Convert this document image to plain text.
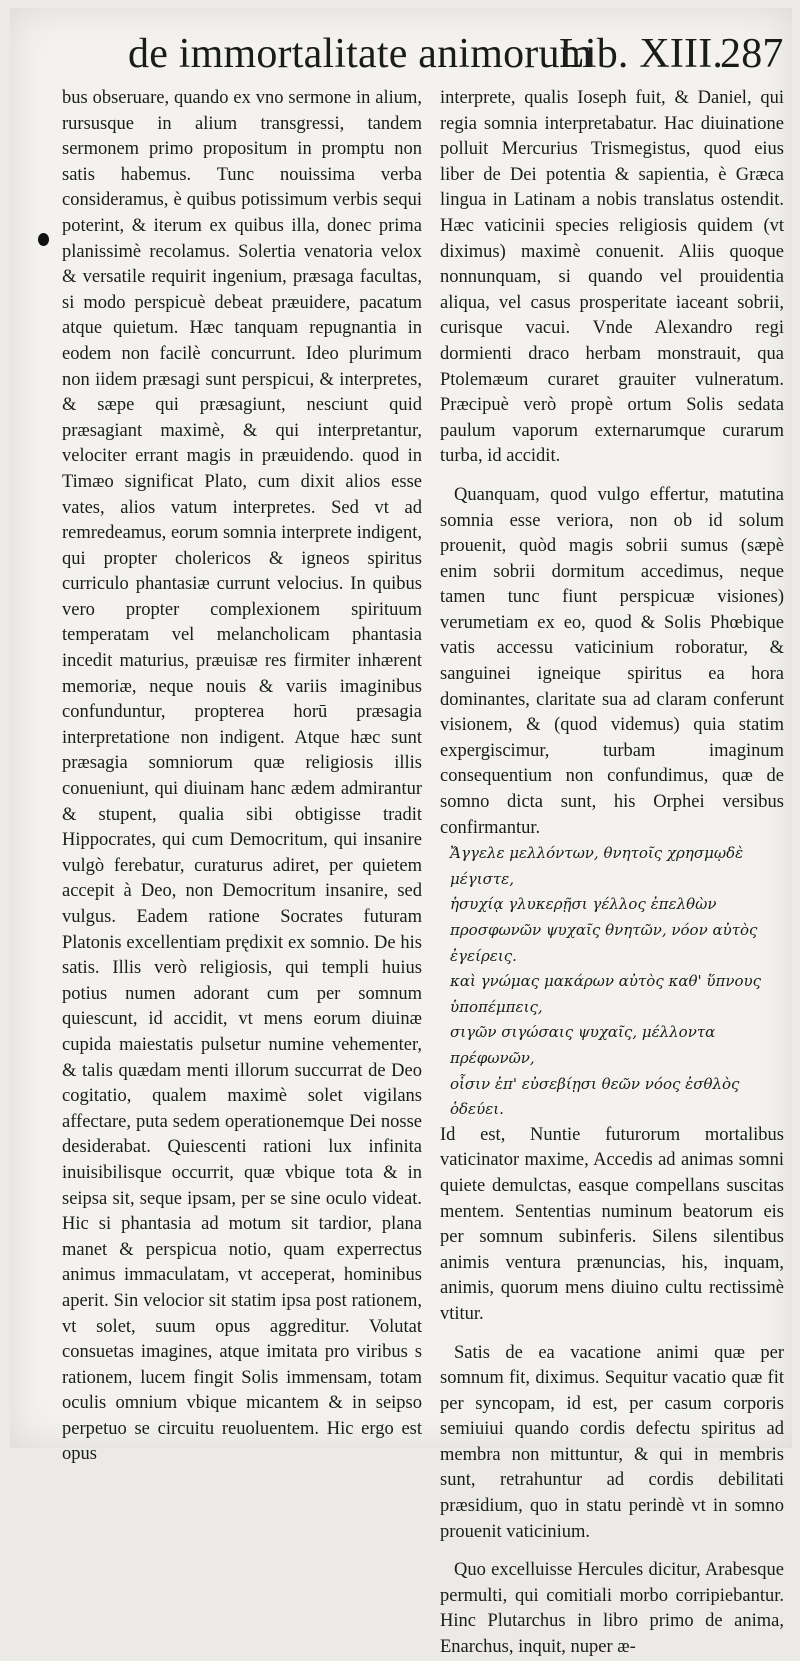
de immortalitate animorum
Lib. XIII.
287

bus obseruare, quando ex vno sermone in alium, rursusque in alium transgressi, tandem sermonem primo propositum in promptu non satis habemus. Tunc nouissima verba consideramus, è quibus potissimum verbis sequi poterint, & iterum ex quibus illa, donec prima planissimè recolamus. Solertia venatoria velox & versatile requirit ingenium, præsaga facultas, si modo perspicuè debeat præuidere, pacatum atque quietum. Hæc tanquam repugnantia in eodem non facilè concurrunt. Ideo plurimum non iidem præsagi sunt perspicui, & interpretes, & sæpe qui præsagiunt, nesciunt quid præsagiant maximè, & qui interpretantur, velociter errant magis in præuidendo. quod in Timæo significat Plato, cum dixit alios esse vates, alios vatum interpretes. Sed vt ad remredeamus, eorum somnia interprete indigent, qui propter cholericos & igneos spiritus curriculo phantasiæ currunt velocius. In quibus vero propter complexionem spirituum temperatam vel melancholicam phantasia incedit maturius, præuisæ res firmiter inhærent memoriæ, neque nouis & variis imaginibus confunduntur, propterea horū præsagia interpretatione non indigent. Atque hæc sunt præsagia somniorum quæ religiosis illis conueniunt, qui diuinam hanc ædem admirantur & stupent, qualia sibi obtigisse tradit Hippocrates, qui cum Democritum, qui insanire vulgò ferebatur, curaturus adiret, per quietem accepit à Deo, non Democritum insanire, sed vulgus. Eadem ratione Socrates futuram Platonis excellentiam prędixit ex somnio. De his satis. Illis verò religiosis, qui templi huius potius numen adorant cum per somnum quiescunt, id accidit, vt mens eorum diuinæ cupida maiestatis pulsetur numine vehementer, & talis quædam menti illorum succurrat de Deo cogitatio, qualem maximè solet vigilans affectare, puta sedem operationemque Dei nosse desiderabat. Quiescenti rationi lux infinita inuisibilisque occurrit, quæ vbique tota & in seipsa sit, seque ipsam, per se sine oculo videat. Hic si phantasia ad motum sit tardior, plana manet & perspicua notio, quam experrectus animus immaculatam, vt acceperat, hominibus aperit. Sin velocior sit statim ipsa post rationem, vt solet, suum opus aggreditur. Volutat consuetas imagines, atque imitata pro viribus s rationem, lucem fingit Solis immensam, totam oculis omnium vbique micantem & in seipso perpetuo se circuitu reuoluentem. Hic ergo est opus

interprete, qualis Ioseph fuit, & Daniel, qui regia somnia interpretabatur. Hac diuinatione polluit Mercurius Trismegistus, quod eius liber de Dei potentia & sapientia, è Græca lingua in Latinam a nobis translatus ostendit. Hæc vaticinii species religiosis quidem (vt diximus) maximè conuenit. Aliis quoque nonnunquam, si quando vel prouidentia aliqua, vel casus prosperitate iaceant sobrii, curisque vacui. Vnde Alexandro regi dormienti draco herbam monstrauit, qua Ptolemæum curaret grauiter vulneratum. Præcipuè verò propè ortum Solis sedata paulum vaporum externarumque curarum turba, id accidit.

Quanquam, quod vulgo effertur, matutina somnia esse veriora, non ob id solum prouenit, quòd magis sobrii sumus (sæpè enim sobrii dormitum accedimus, neque tamen tunc fiunt perspicuæ visiones) verumetiam ex eo, quod & Solis Phœbique vatis accessu vaticinium roboratur, & sanguinei igneique spiritus ea hora dominantes, claritate sua ad claram conferunt visionem, & (quod videmus) quia statim expergiscimur, turbam imaginum consequentium non confundimus, quæ de somno dicta sunt, his Orphei versibus confirmantur.

Ἄγγελε μελλόντων, θνητοῖς χρησμῳδὲ μέγιστε,
ἡσυχίᾳ γλυκερῇσι γέλλος ἐπελθὼν
προσφωνῶν ψυχαῖς θνητῶν, νόον αὐτὸς ἐγείρεις.
καὶ γνώμας μακάρων αὐτὸς καθ' ὕπνους ὑποπέμπεις,
σιγῶν σιγώσαις ψυχαῖς, μέλλοντα πρέφωνῶν,
οἷσιν ἐπ' εὐσεβίῃσι θεῶν νόος ἐσθλὸς ὁδεύει.

Id est, Nuntie futurorum mortalibus vaticinator maxime, Accedis ad animas somni quiete demulctas, easque compellans suscitas mentem. Sententias numinum beatorum eis per somnum subinferis. Silens silentibus animis ventura prænuncias, his, inquam, animis, quorum mens diuino cultu rectissimè vtitur.

Satis de ea vacatione animi quæ per somnum fit, diximus. Sequitur vacatio quæ fit per syncopam, id est, per casum corporis semiuiui quando cordis defectu spiritus ad membra non mittuntur, & qui in membris sunt, retrahuntur ad cordis debilitati præsidium, quo in statu perindè vt in somno prouenit vaticinium.

Quo excelluisse Hercules dicitur, Arabesque permulti, qui comitiali morbo corripiebantur. Hinc Plutarchus in libro primo de anima, Enarchus, inquit, nuper æ-
